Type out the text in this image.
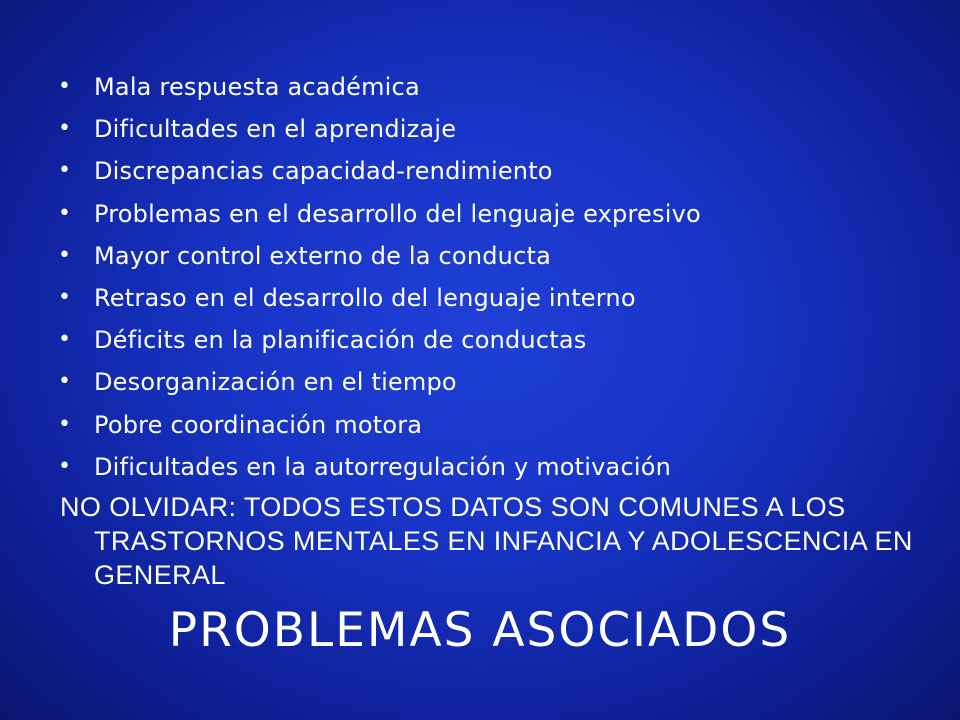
• Mala respuesta académica
• Dificultades en el aprendizaje
• Discrepancias capacidad-rendimiento
• Problemas en el desarrollo del lenguaje expresivo
• Mayor control externo de la conducta
• Retraso en el desarrollo del lenguaje interno
• Déficits en la planificación de conductas
• Desorganización en el tiempo
• Pobre coordinación motora
• Dificultades en la autorregulación y motivación
NO OLVIDAR: TODOS ESTOS DATOS SON COMUNES A LOS TRASTORNOS MENTALES EN INFANCIA Y ADOLESCENCIA EN GENERAL
PROBLEMAS ASOCIADOS
